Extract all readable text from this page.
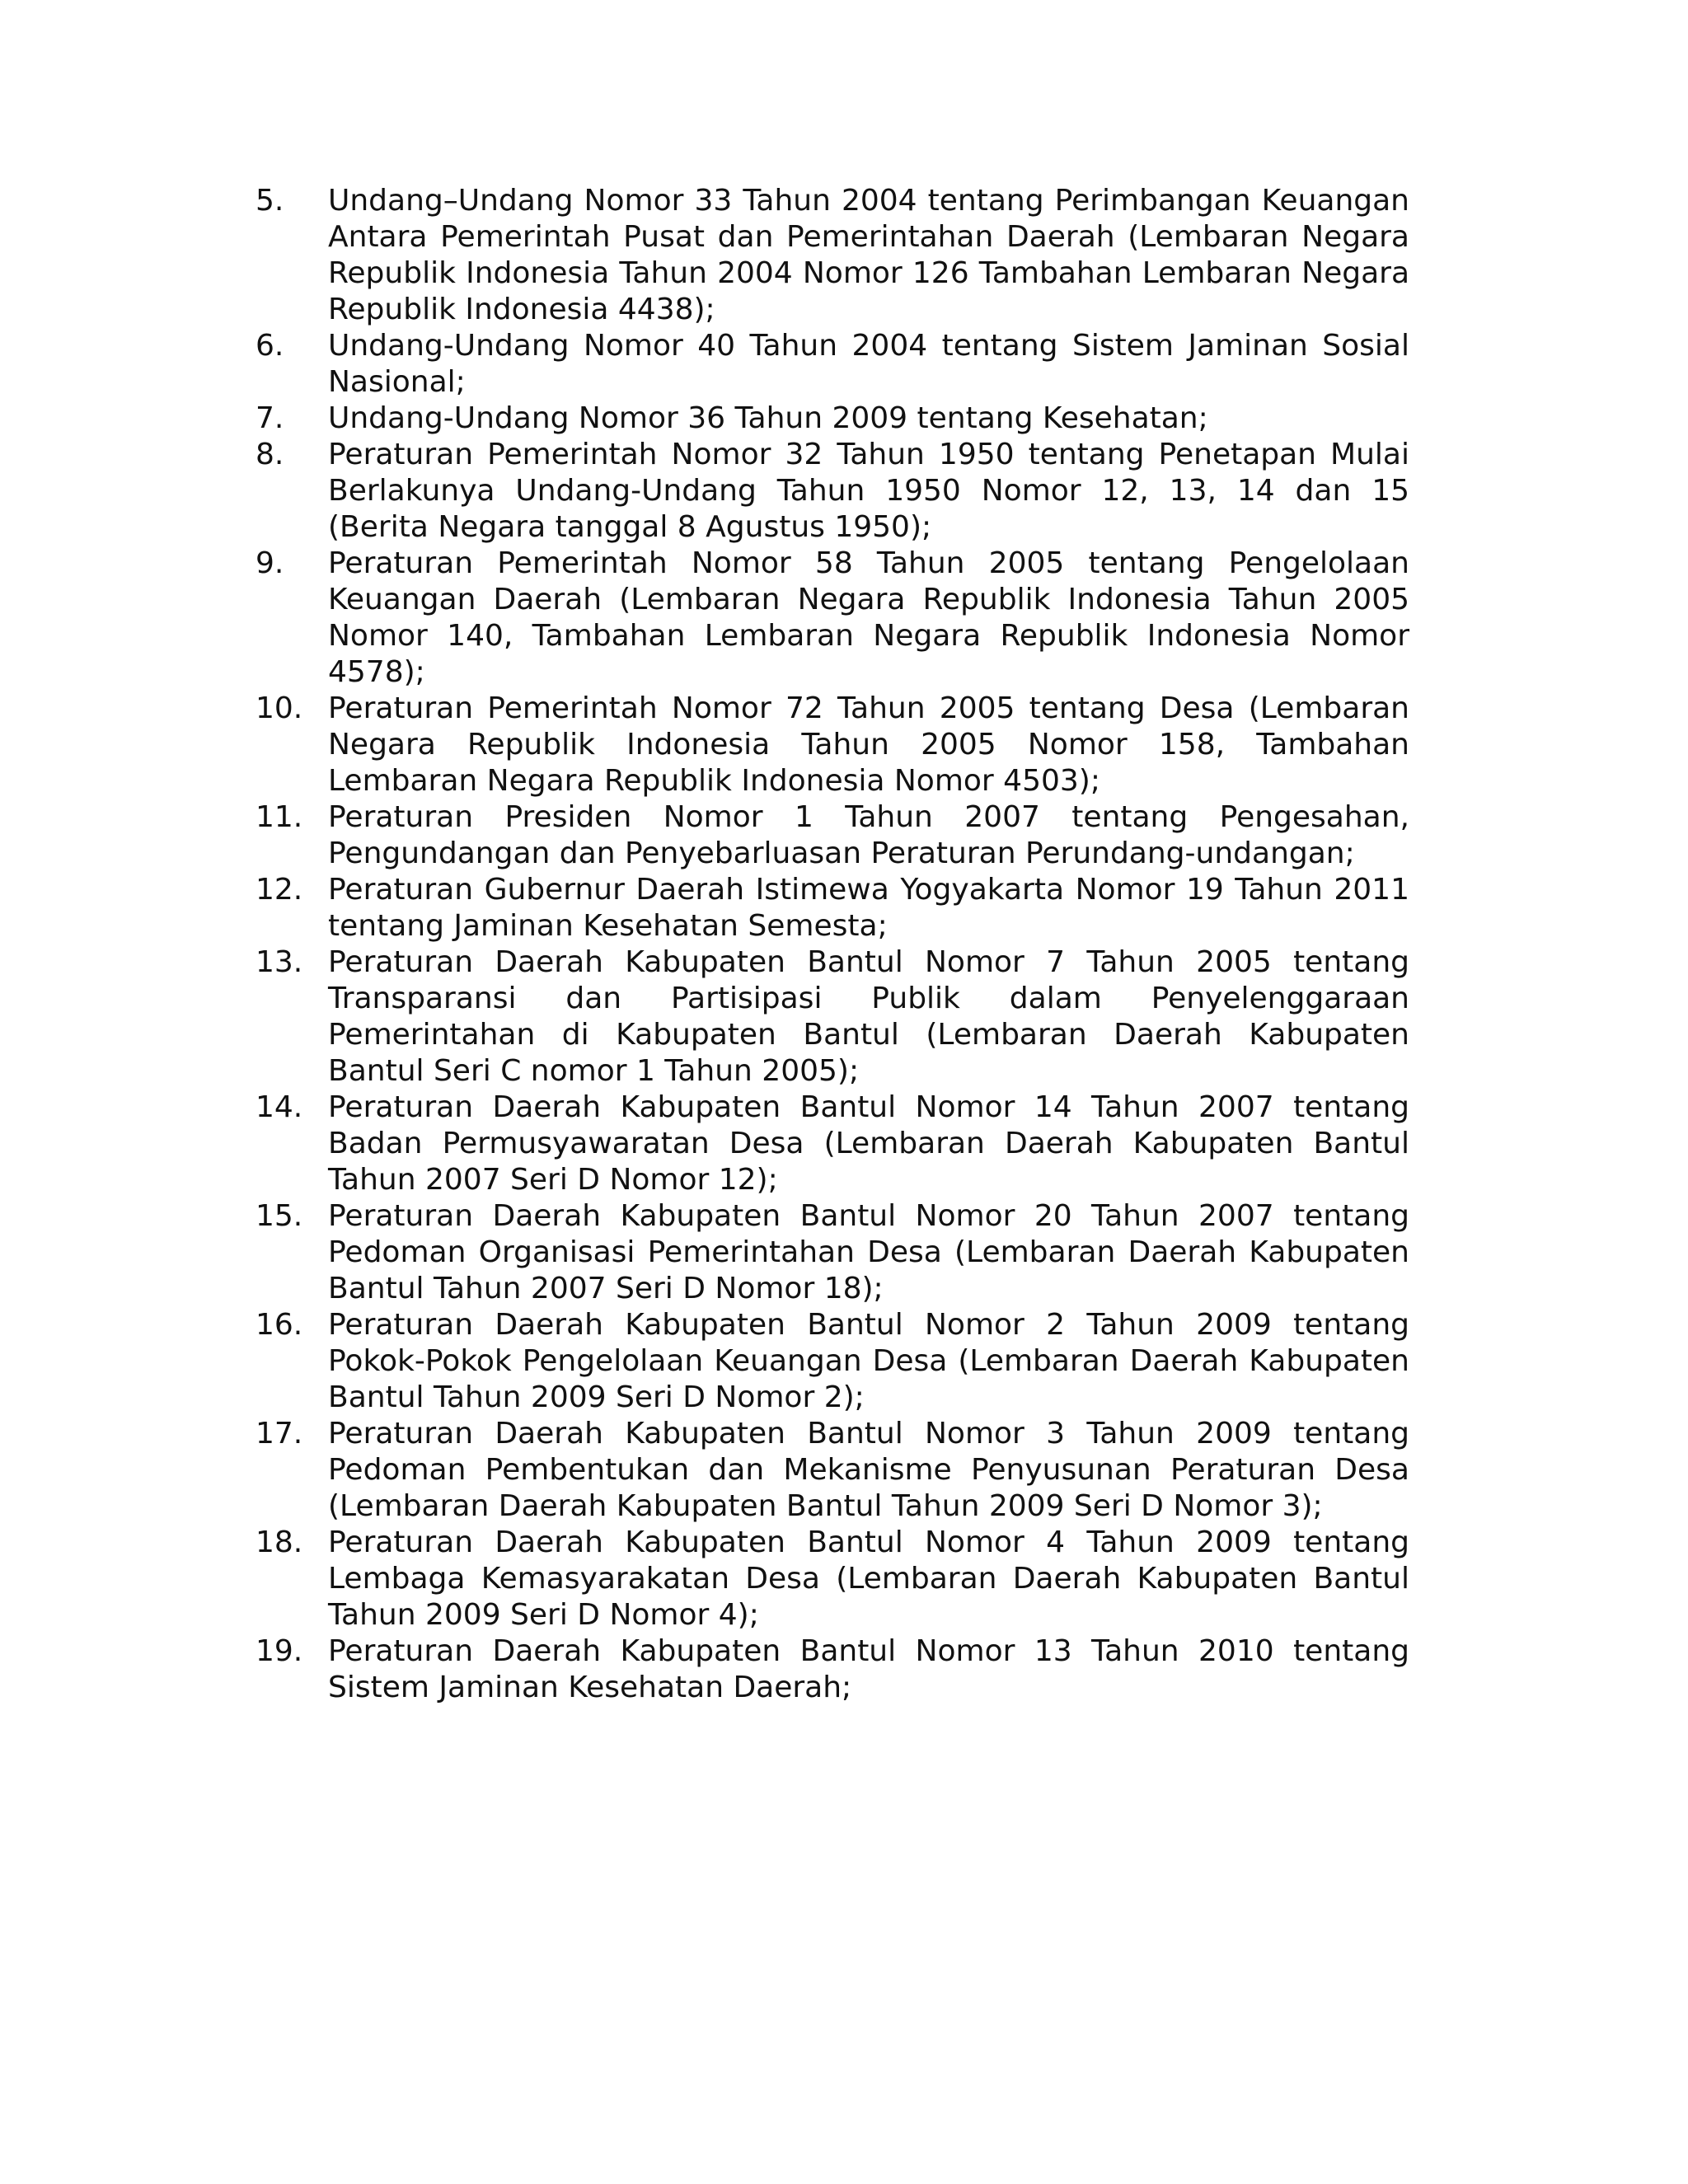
5.	Undang–Undang Nomor 33 Tahun 2004 tentang Perimbangan Keuangan Antara Pemerintah Pusat dan Pemerintahan Daerah (Lembaran Negara Republik Indonesia Tahun 2004 Nomor 126 Tambahan Lembaran Negara Republik Indonesia 4438);
6.	Undang-Undang Nomor 40 Tahun 2004 tentang Sistem Jaminan Sosial Nasional;
7.	Undang-Undang Nomor 36 Tahun 2009 tentang Kesehatan;
8.	Peraturan Pemerintah Nomor 32 Tahun 1950 tentang Penetapan Mulai Berlakunya Undang-Undang Tahun 1950 Nomor 12, 13, 14 dan 15 (Berita Negara tanggal 8 Agustus 1950);
9.	Peraturan Pemerintah Nomor 58 Tahun 2005 tentang Pengelolaan Keuangan Daerah (Lembaran Negara Republik Indonesia Tahun 2005 Nomor 140, Tambahan Lembaran Negara Republik Indonesia Nomor 4578);
10. Peraturan Pemerintah Nomor 72 Tahun 2005 tentang Desa (Lembaran Negara Republik Indonesia Tahun 2005 Nomor 158, Tambahan Lembaran Negara Republik Indonesia Nomor 4503);
11. Peraturan Presiden Nomor 1 Tahun 2007 tentang Pengesahan, Pengundangan dan Penyebarluasan Peraturan Perundang-undangan;
12. Peraturan Gubernur Daerah Istimewa Yogyakarta Nomor 19 Tahun 2011 tentang Jaminan Kesehatan Semesta;
13. Peraturan Daerah Kabupaten Bantul Nomor 7 Tahun 2005 tentang Transparansi dan Partisipasi Publik dalam Penyelenggaraan Pemerintahan di Kabupaten Bantul (Lembaran Daerah Kabupaten Bantul Seri C nomor 1 Tahun 2005);
14. Peraturan Daerah Kabupaten Bantul Nomor 14 Tahun 2007 tentang Badan Permusyawaratan Desa (Lembaran Daerah Kabupaten Bantul Tahun 2007 Seri D Nomor 12);
15. Peraturan Daerah Kabupaten Bantul Nomor 20 Tahun 2007 tentang Pedoman Organisasi Pemerintahan Desa (Lembaran Daerah Kabupaten Bantul Tahun 2007 Seri D Nomor 18);
16. Peraturan Daerah Kabupaten Bantul Nomor 2 Tahun 2009 tentang Pokok-Pokok Pengelolaan Keuangan Desa (Lembaran Daerah Kabupaten Bantul Tahun 2009 Seri D Nomor 2);
17. Peraturan Daerah Kabupaten Bantul Nomor 3 Tahun 2009 tentang Pedoman Pembentukan dan Mekanisme Penyusunan Peraturan Desa (Lembaran Daerah Kabupaten Bantul Tahun 2009 Seri D Nomor 3);
18. Peraturan Daerah Kabupaten Bantul Nomor 4 Tahun 2009 tentang Lembaga Kemasyarakatan Desa (Lembaran Daerah Kabupaten Bantul Tahun 2009 Seri D Nomor 4);
19. Peraturan Daerah Kabupaten Bantul Nomor 13 Tahun 2010 tentang Sistem Jaminan Kesehatan Daerah;
